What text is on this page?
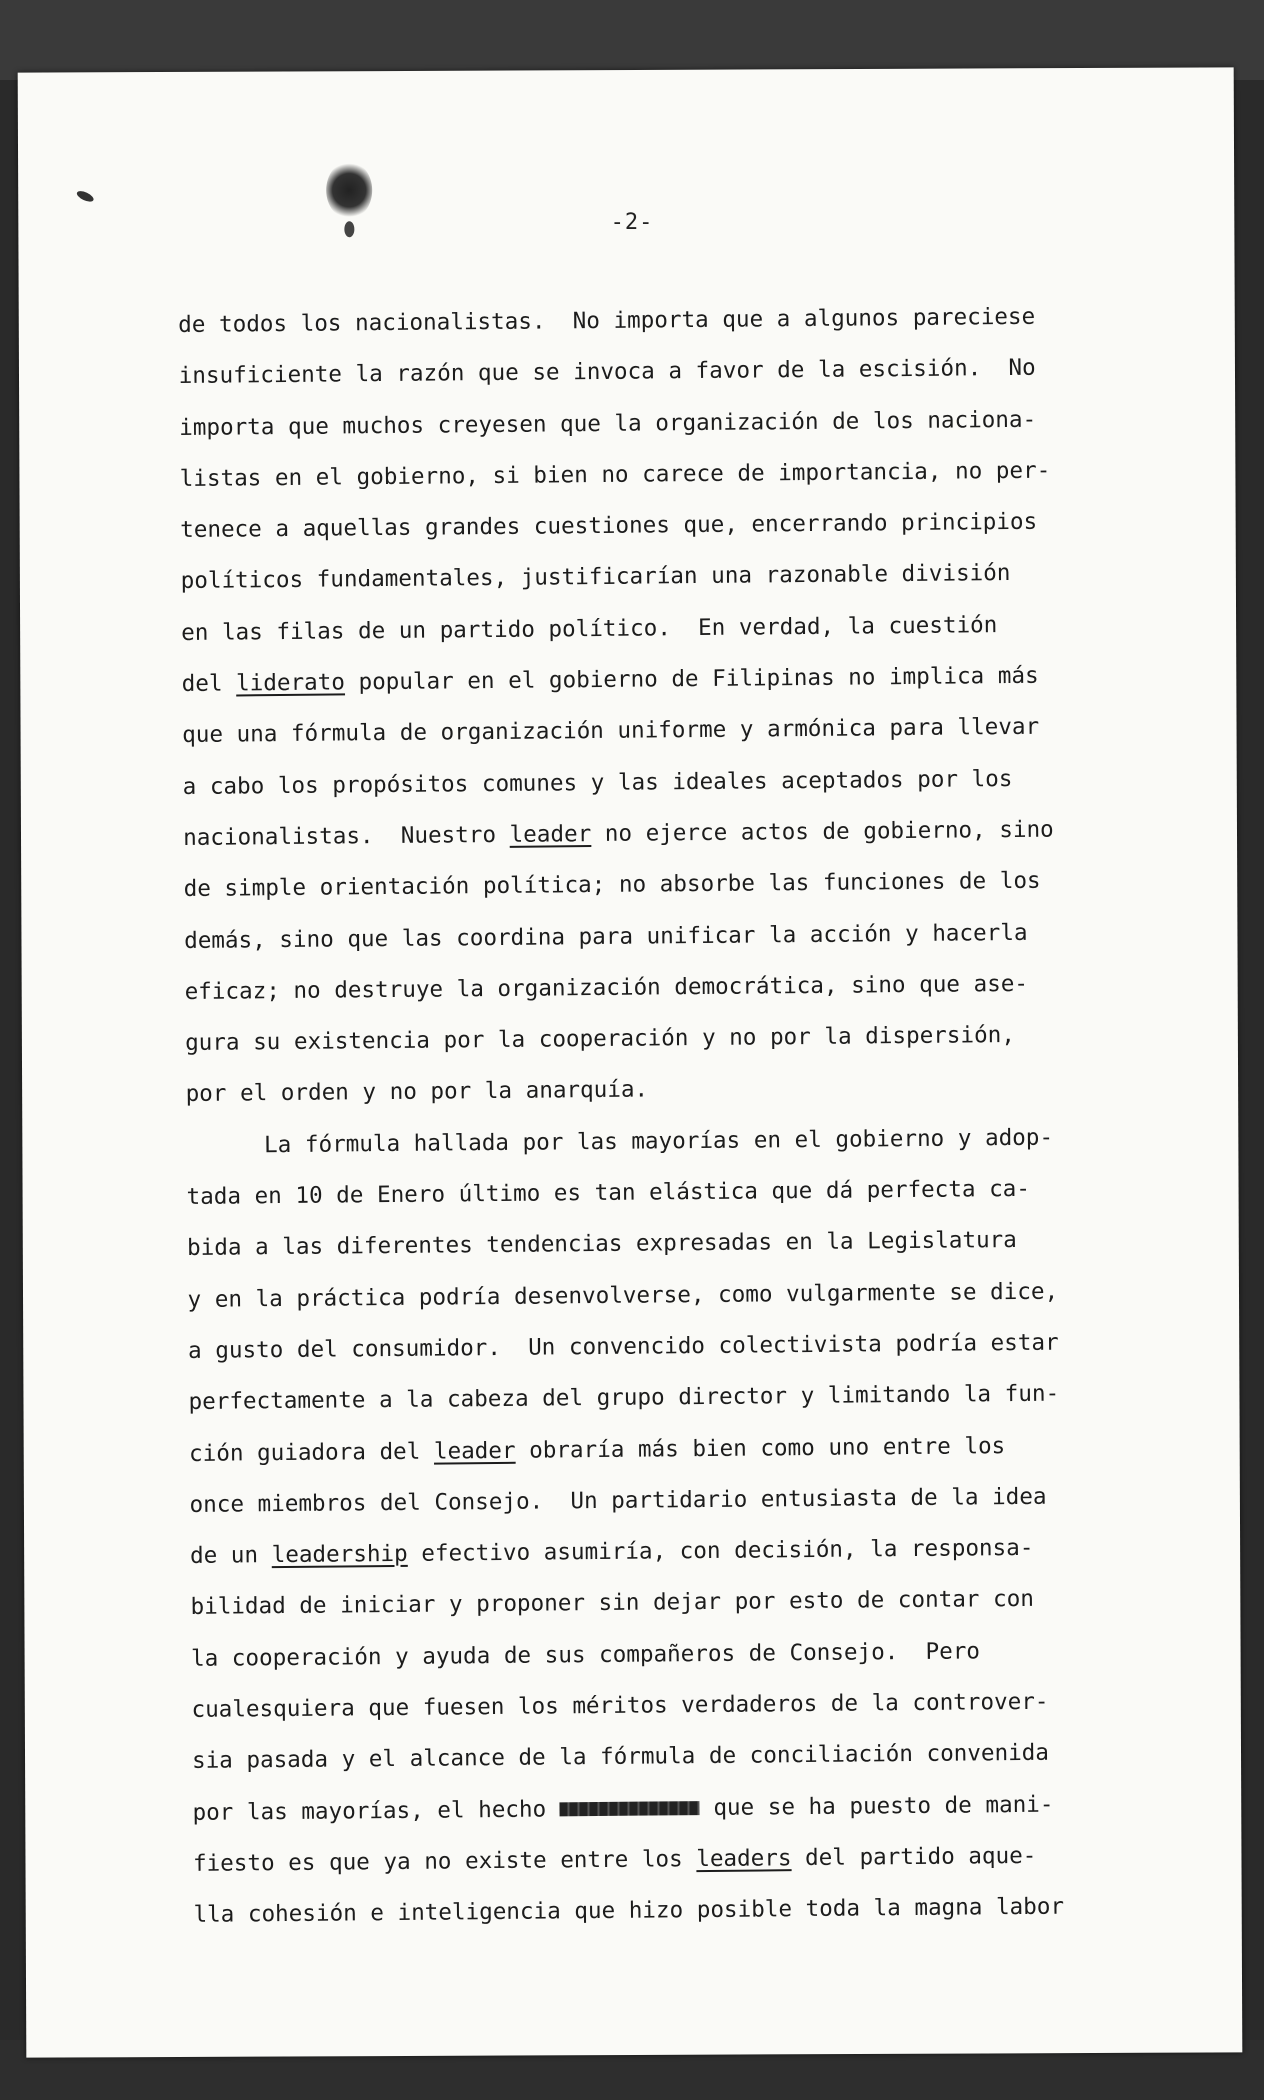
-2-
de todos los nacionalistas.  No importa que a algunos pareciese
insuficiente la razón que se invoca a favor de la escisión.  No
importa que muchos creyesen que la organización de los naciona-
listas en el gobierno, si bien no carece de importancia, no per-
tenece a aquellas grandes cuestiones que, encerrando principios
políticos fundamentales, justificarían una razonable división
en las filas de un partido político.  En verdad, la cuestión
del liderato popular en el gobierno de Filipinas no implica más
que una fórmula de organización uniforme y armónica para llevar
a cabo los propósitos comunes y las ideales aceptados por los
nacionalistas.  Nuestro leader no ejerce actos de gobierno, sino
de simple orientación política; no absorbe las funciones de los
demás, sino que las coordina para unificar la acción y hacerla
eficaz; no destruye la organización democrática, sino que ase-
gura su existencia por la cooperación y no por la dispersión,
por el orden y no por la anarquía.
La fórmula hallada por las mayorías en el gobierno y adop-
tada en 10 de Enero último es tan elástica que dá perfecta ca-
bida a las diferentes tendencias expresadas en la Legislatura
y en la práctica podría desenvolverse, como vulgarmente se dice,
a gusto del consumidor.  Un convencido colectivista podría estar
perfectamente a la cabeza del grupo director y limitando la fun-
ción guiadora del leader obraría más bien como uno entre los
once miembros del Consejo.  Un partidario entusiasta de la idea
de un leadership efectivo asumiría, con decisión, la responsa-
bilidad de iniciar y proponer sin dejar por esto de contar con
la cooperación y ayuda de sus compañeros de Consejo.  Pero
cualesquiera que fuesen los méritos verdaderos de la controver-
sia pasada y el alcance de la fórmula de conciliación convenida
por las mayorías, el hecho	que se ha puesto de mani-
fiesto es que ya no existe entre los leaders del partido aque-
lla cohesión e inteligencia que hizo posible toda la magna labor
